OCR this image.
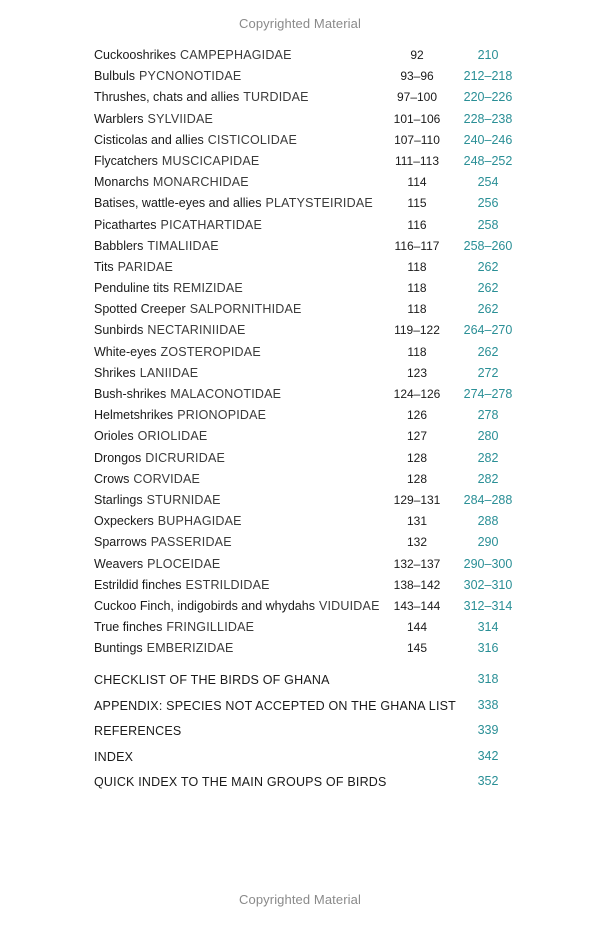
Copyrighted Material
Cuckooshrikes CAMPEPHAGIDAE	92	210
Bulbuls PYCNONOTIDAE	93–96	212–218
Thrushes, chats and allies TURDIDAE	97–100	220–226
Warblers SYLVIIDAE	101–106	228–238
Cisticolas and allies CISTICOLIDAE	107–110	240–246
Flycatchers MUSCICAPIDAE	111–113	248–252
Monarchs MONARCHIDAE	114	254
Batises, wattle-eyes and allies PLATYSTEIRIDAE	115	256
Picathartes PICATHARTIDAE	116	258
Babblers TIMALIIDAE	116–117	258–260
Tits PARIDAE	118	262
Penduline tits REMIZIDAE	118	262
Spotted Creeper SALPORNITHIDAE	118	262
Sunbirds NECTARINIIDAE	119–122	264–270
White-eyes ZOSTEROPIDAE	118	262
Shrikes LANIIDAE	123	272
Bush-shrikes MALACONOTIDAE	124–126	274–278
Helmetshrikes PRIONOPIDAE	126	278
Orioles ORIOLIDAE	127	280
Drongos DICRURIDAE	128	282
Crows CORVIDAE	128	282
Starlings STURNIDAE	129–131	284–288
Oxpeckers BUPHAGIDAE	131	288
Sparrows PASSERIDAE	132	290
Weavers PLOCEIDAE	132–137	290–300
Estrildid finches ESTRILDIDAE	138–142	302–310
Cuckoo Finch, indigobirds and whydahs VIDUIDAE	143–144	312–314
True finches FRINGILLIDAE	144	314
Buntings EMBERIZIDAE	145	316
CHECKLIST OF THE BIRDS OF GHANA	318
APPENDIX: SPECIES NOT ACCEPTED ON THE GHANA LIST	338
REFERENCES	339
INDEX	342
QUICK INDEX TO THE MAIN GROUPS OF BIRDS	352
Copyrighted Material
